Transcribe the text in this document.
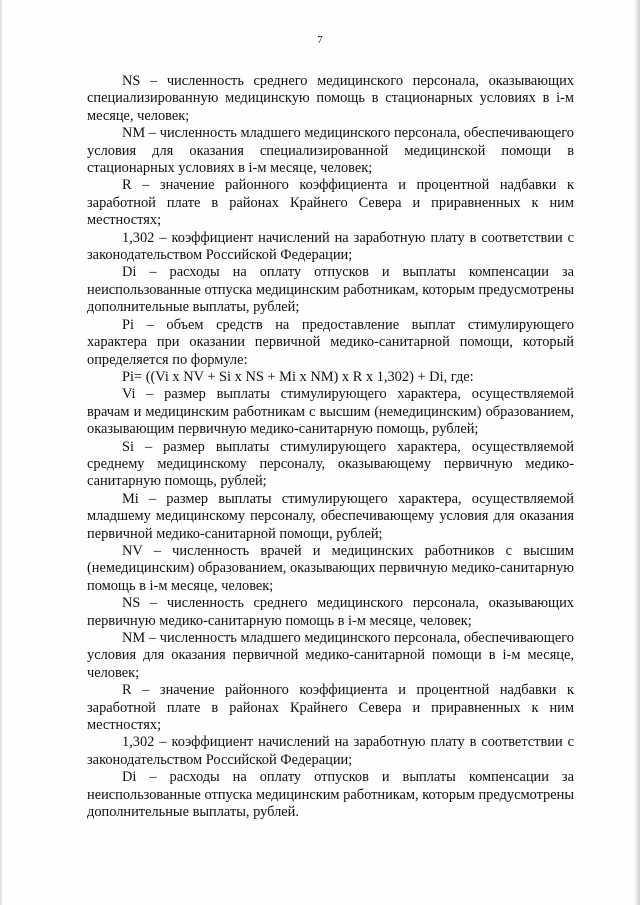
7

NS – численность среднего медицинского персонала, оказывающих специализированную медицинскую помощь в стационарных условиях в i-м месяце, человек;

NM – численность младшего медицинского персонала, обеспечивающего условия для оказания специализированной медицинской помощи в стационарных условиях в i-м месяце, человек;

R – значение районного коэффициента и процентной надбавки к заработной плате в районах Крайнего Севера и приравненных к ним местностях;

1,302 – коэффициент начислений на заработную плату в соответствии с законодательством Российской Федерации;

Di – расходы на оплату отпусков и выплаты компенсации за неиспользованные отпуска медицинским работникам, которым предусмотрены дополнительные выплаты, рублей;

Pi – объем средств на предоставление выплат стимулирующего характера при оказании первичной медико-санитарной помощи, который определяется по формуле:

Pi= ((Vi x NV + Si x NS + Mi x NM) x R x 1,302) + Di, где:

Vi – размер выплаты стимулирующего характера, осуществляемой врачам и медицинским работникам с высшим (немедицинским) образованием, оказывающим первичную медико-санитарную помощь, рублей;

Si – размер выплаты стимулирующего характера, осуществляемой среднему медицинскому персоналу, оказывающему первичную медико-санитарную помощь, рублей;

Mi – размер выплаты стимулирующего характера, осуществляемой младшему медицинскому персоналу, обеспечивающему условия для оказания первичной медико-санитарной помощи, рублей;

NV – численность врачей и медицинских работников с высшим (немедицинским) образованием, оказывающих первичную медико-санитарную помощь в i-м месяце, человек;

NS – численность среднего медицинского персонала, оказывающих первичную медико-санитарную помощь в i-м месяце, человек;

NM – численность младшего медицинского персонала, обеспечивающего условия для оказания первичной медико-санитарной помощи в i-м месяце, человек;

R – значение районного коэффициента и процентной надбавки к заработной плате в районах Крайнего Севера и приравненных к ним местностях;

1,302 – коэффициент начислений на заработную плату в соответствии с законодательством Российской Федерации;

Di – расходы на оплату отпусков и выплаты компенсации за неиспользованные отпуска медицинским работникам, которым предусмотрены дополнительные выплаты, рублей.
